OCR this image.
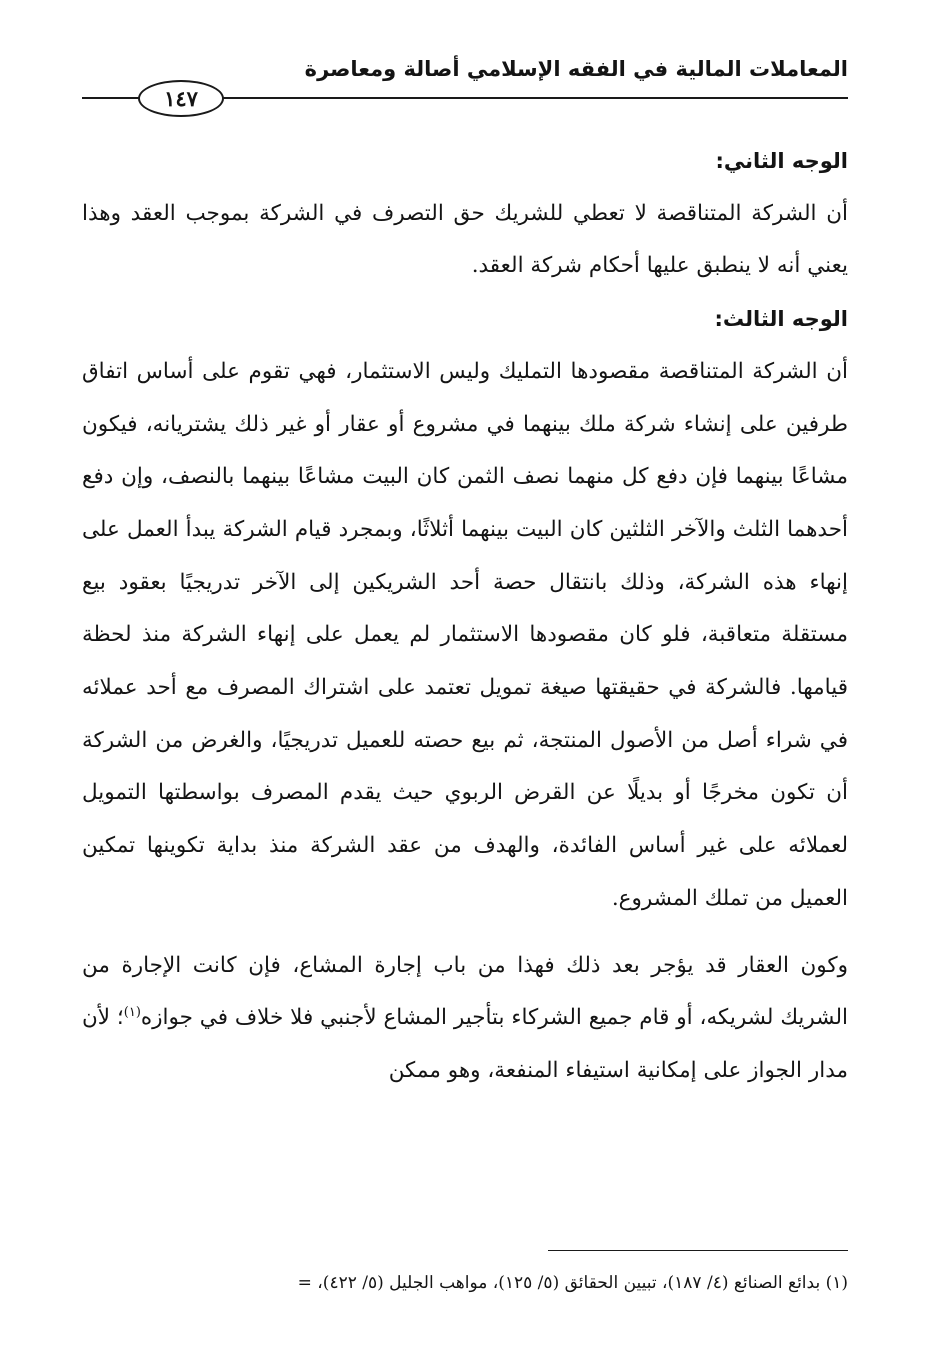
المعاملات المالية في الفقه الإسلامي أصالة ومعاصرة
١٤٧

الوجه الثاني:

أن الشركة المتناقصة لا تعطي للشريك حق التصرف في الشركة بموجب العقد وهذا يعني أنه لا ينطبق عليها أحكام شركة العقد.

الوجه الثالث:

أن الشركة المتناقصة مقصودها التمليك وليس الاستثمار، فهي تقوم على أساس اتفاق طرفين على إنشاء شركة ملك بينهما في مشروع أو عقار أو غير ذلك يشتريانه، فيكون مشاعًا بينهما فإن دفع كل منهما نصف الثمن كان البيت مشاعًا بينهما بالنصف، وإن دفع أحدهما الثلث والآخر الثلثين كان البيت بينهما أثلاثًا، وبمجرد قيام الشركة يبدأ العمل على إنهاء هذه الشركة، وذلك بانتقال حصة أحد الشريكين إلى الآخر تدريجيًا بعقود بيع مستقلة متعاقبة، فلو كان مقصودها الاستثمار لم يعمل على إنهاء الشركة منذ لحظة قيامها. فالشركة في حقيقتها صيغة تمويل تعتمد على اشتراك المصرف مع أحد عملائه في شراء أصل من الأصول المنتجة، ثم بيع حصته للعميل تدريجيًا، والغرض من الشركة أن تكون مخرجًا أو بديلًا عن القرض الربوي حيث يقدم المصرف بواسطتها التمويل لعملائه على غير أساس الفائدة، والهدف من عقد الشركة منذ بداية تكوينها تمكين العميل من تملك المشروع.

وكون العقار قد يؤجر بعد ذلك فهذا من باب إجارة المشاع، فإن كانت الإجارة من الشريك لشريكه، أو قام جميع الشركاء بتأجير المشاع لأجنبي فلا خلاف في جوازه$^{(١)}$؛ لأن مدار الجواز على إمكانية استيفاء المنفعة، وهو ممكن

(١) بدائع الصنائع (٤/ ١٨٧)، تبيين الحقائق (٥/ ١٢٥)، مواهب الجليل (٥/ ٤٢٢)، =
